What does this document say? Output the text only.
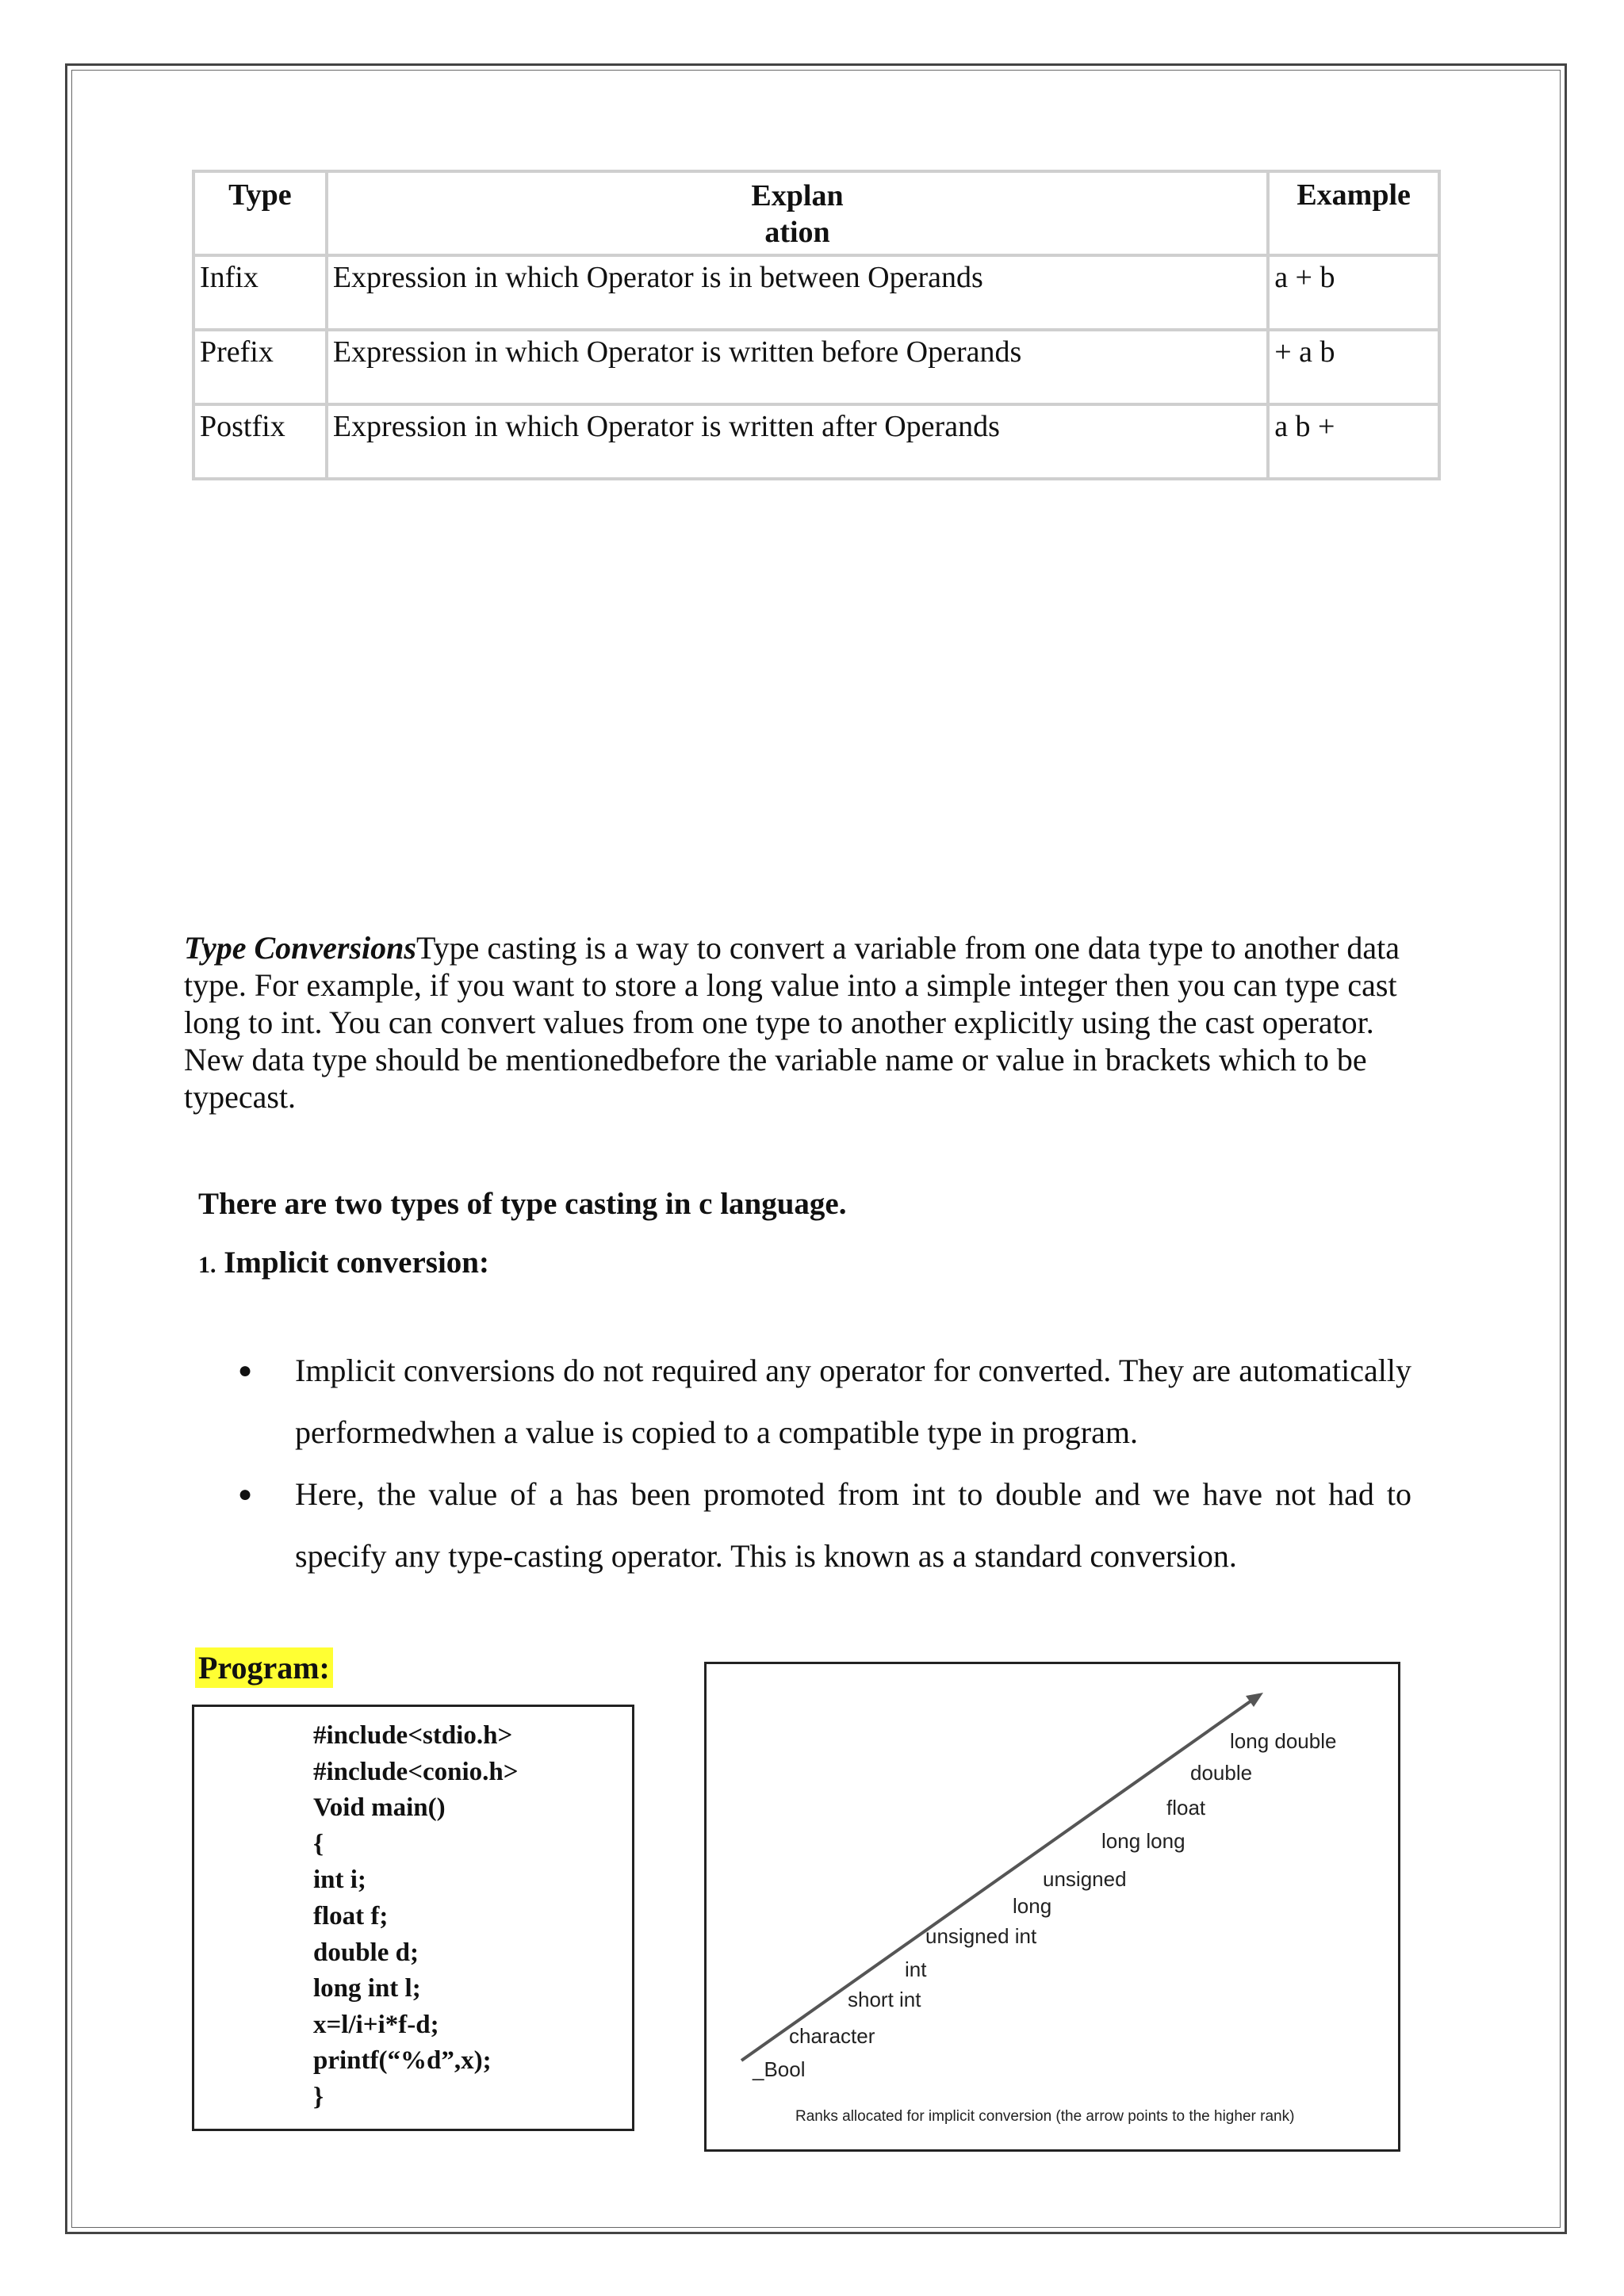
Type	Explanation	Example
Infix	Expression in which Operator is in between Operands	a + b
Prefix	Expression in which Operator is written before Operands	+ a b
Postfix	Expression in which Operator is written after Operands	a b +

Type ConversionsType casting is a way to convert a variable from one data type to another data type. For example, if you want to store a long value into a simple integer then you can type cast long to int. You can convert values from one type to another explicitly using the cast operator. New data type should be mentionedbefore the variable name or value in brackets which to be typecast.

There are two types of type casting in c language.

1. Implicit conversion:

● Implicit conversions do not required any operator for converted. They are automatically performedwhen a value is copied to a compatible type in program.
● Here, the value of a has been promoted from int to double and we have not had to specify any type-casting operator. This is known as a standard conversion.

Program:

#include<stdio.h>
#include<conio.h>
Void main()
{
int i;
float f;
double d;
long int l;
x=l/i+i*f-d;
printf(“%d”,x);
}
_Bool
character
short int
int
unsigned int
long
unsigned
long long
float
double
long double
Ranks allocated for implicit conversion (the arrow points to the higher rank)
